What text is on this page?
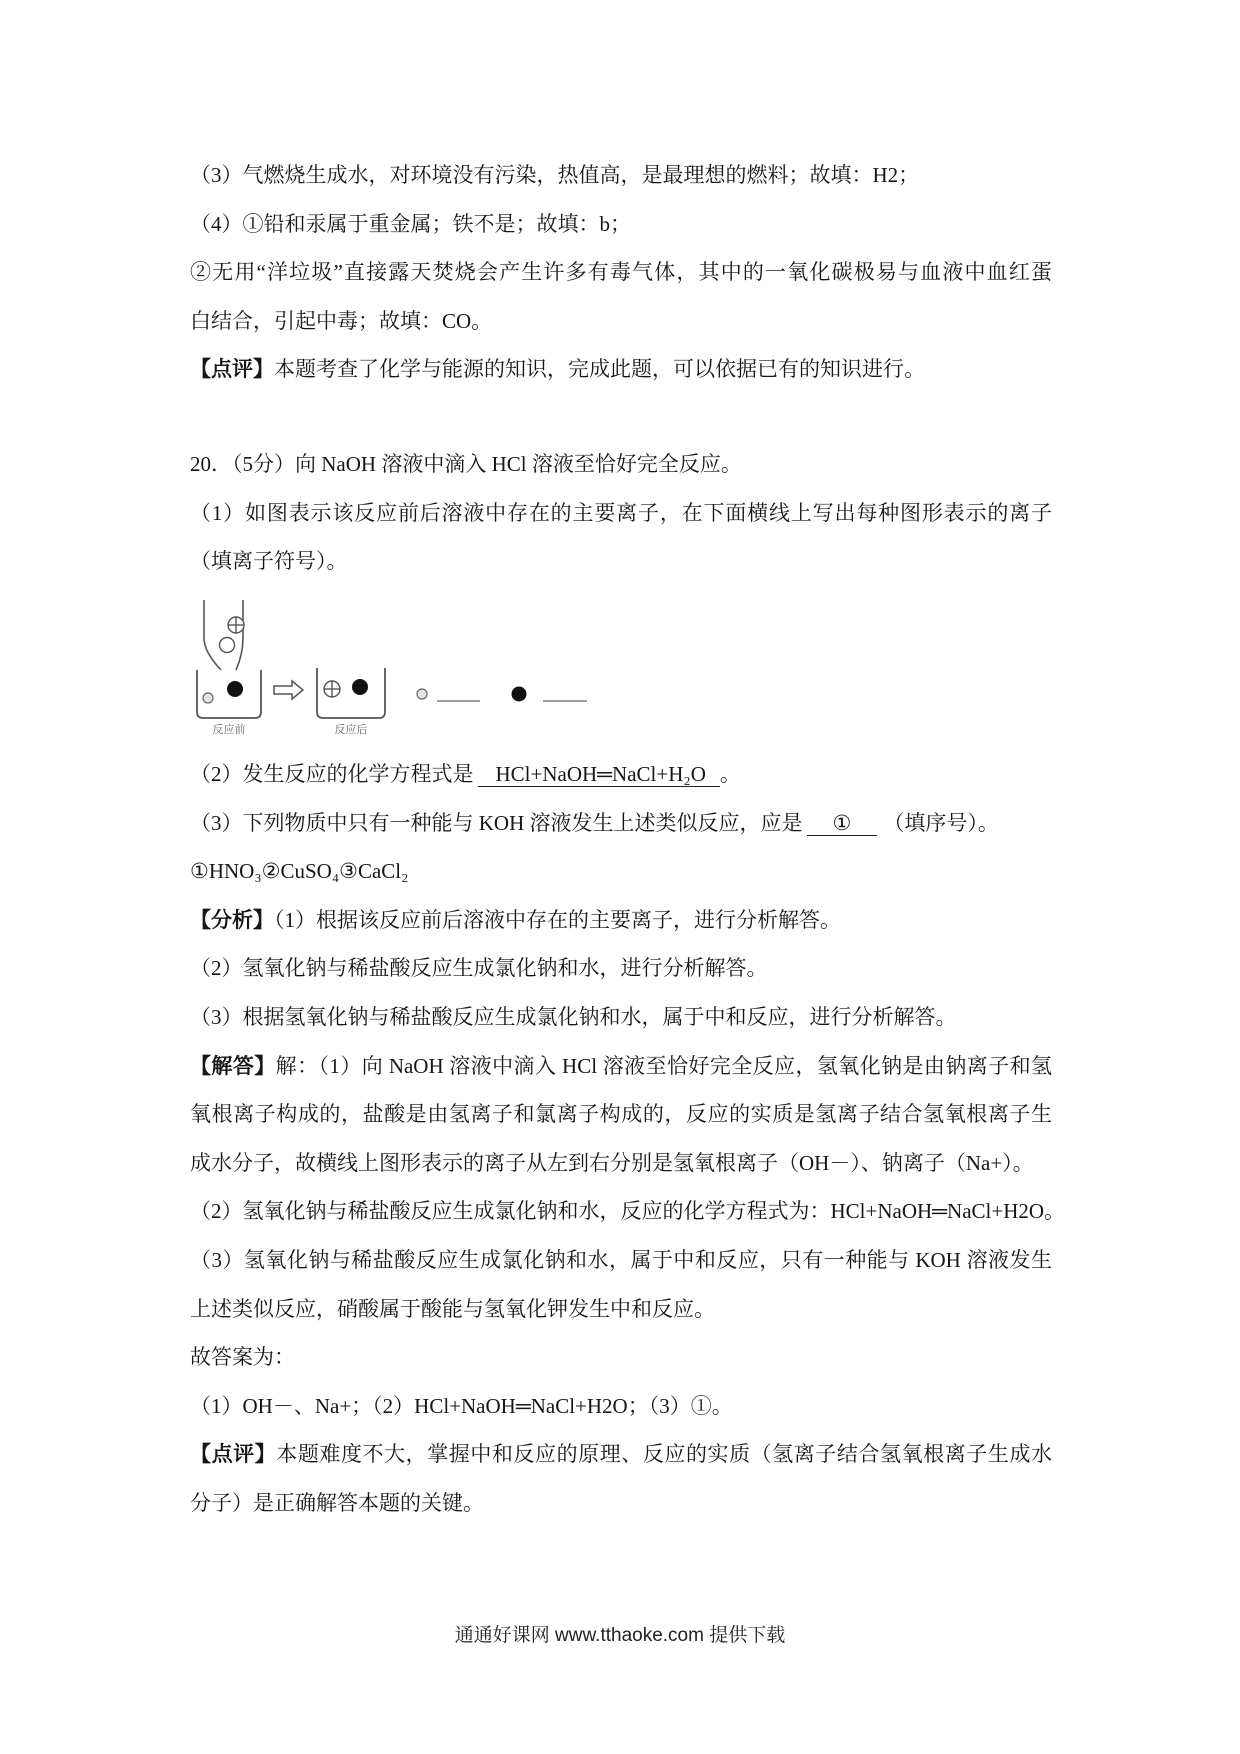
（3）气燃烧生成水，对环境没有污染，热值高，是最理想的燃料；故填：H2；
（4）①铅和汞属于重金属；铁不是；故填：b；
②无用“洋垃圾”直接露天焚烧会产生许多有毒气体，其中的一氧化碳极易与血液中血红蛋
白结合，引起中毒；故填：CO。
【点评】本题考查了化学与能源的知识，完成此题，可以依据已有的知识进行。
20．（5分）向 NaOH 溶液中滴入 HCl 溶液至恰好完全反应。
（1）如图表示该反应前后溶液中存在的主要离子，在下面横线上写出每种图形表示的离子
（填离子符号）。
反应前	反应后
（2）发生反应的化学方程式是 HCl+NaOH═NaCl+H₂O 。
（3）下列物质中只有一种能与 KOH 溶液发生上述类似反应，应是 ① （填序号）。
①HNO₃②CuSO₄③CaCl₂
【分析】（1）根据该反应前后溶液中存在的主要离子，进行分析解答。
（2）氢氧化钠与稀盐酸反应生成氯化钠和水，进行分析解答。
（3）根据氢氧化钠与稀盐酸反应生成氯化钠和水，属于中和反应，进行分析解答。
【解答】解：（1）向 NaOH 溶液中滴入 HCl 溶液至恰好完全反应，氢氧化钠是由钠离子和氢
氧根离子构成的，盐酸是由氢离子和氯离子构成的，反应的实质是氢离子结合氢氧根离子生
成水分子，故横线上图形表示的离子从左到右分别是氢氧根离子（OH－）、钠离子（Na+）。
（2）氢氧化钠与稀盐酸反应生成氯化钠和水，反应的化学方程式为：HCl+NaOH═NaCl+H2O。
（3）氢氧化钠与稀盐酸反应生成氯化钠和水，属于中和反应，只有一种能与 KOH 溶液发生
上述类似反应，硝酸属于酸能与氢氧化钾发生中和反应。
故答案为：
（1）OH－、Na+；（2）HCl+NaOH═NaCl+H2O；（3）①。
【点评】本题难度不大，掌握中和反应的原理、反应的实质（氢离子结合氢氧根离子生成水
分子）是正确解答本题的关键。
通通好课网 www.tthaoke.com 提供下载
